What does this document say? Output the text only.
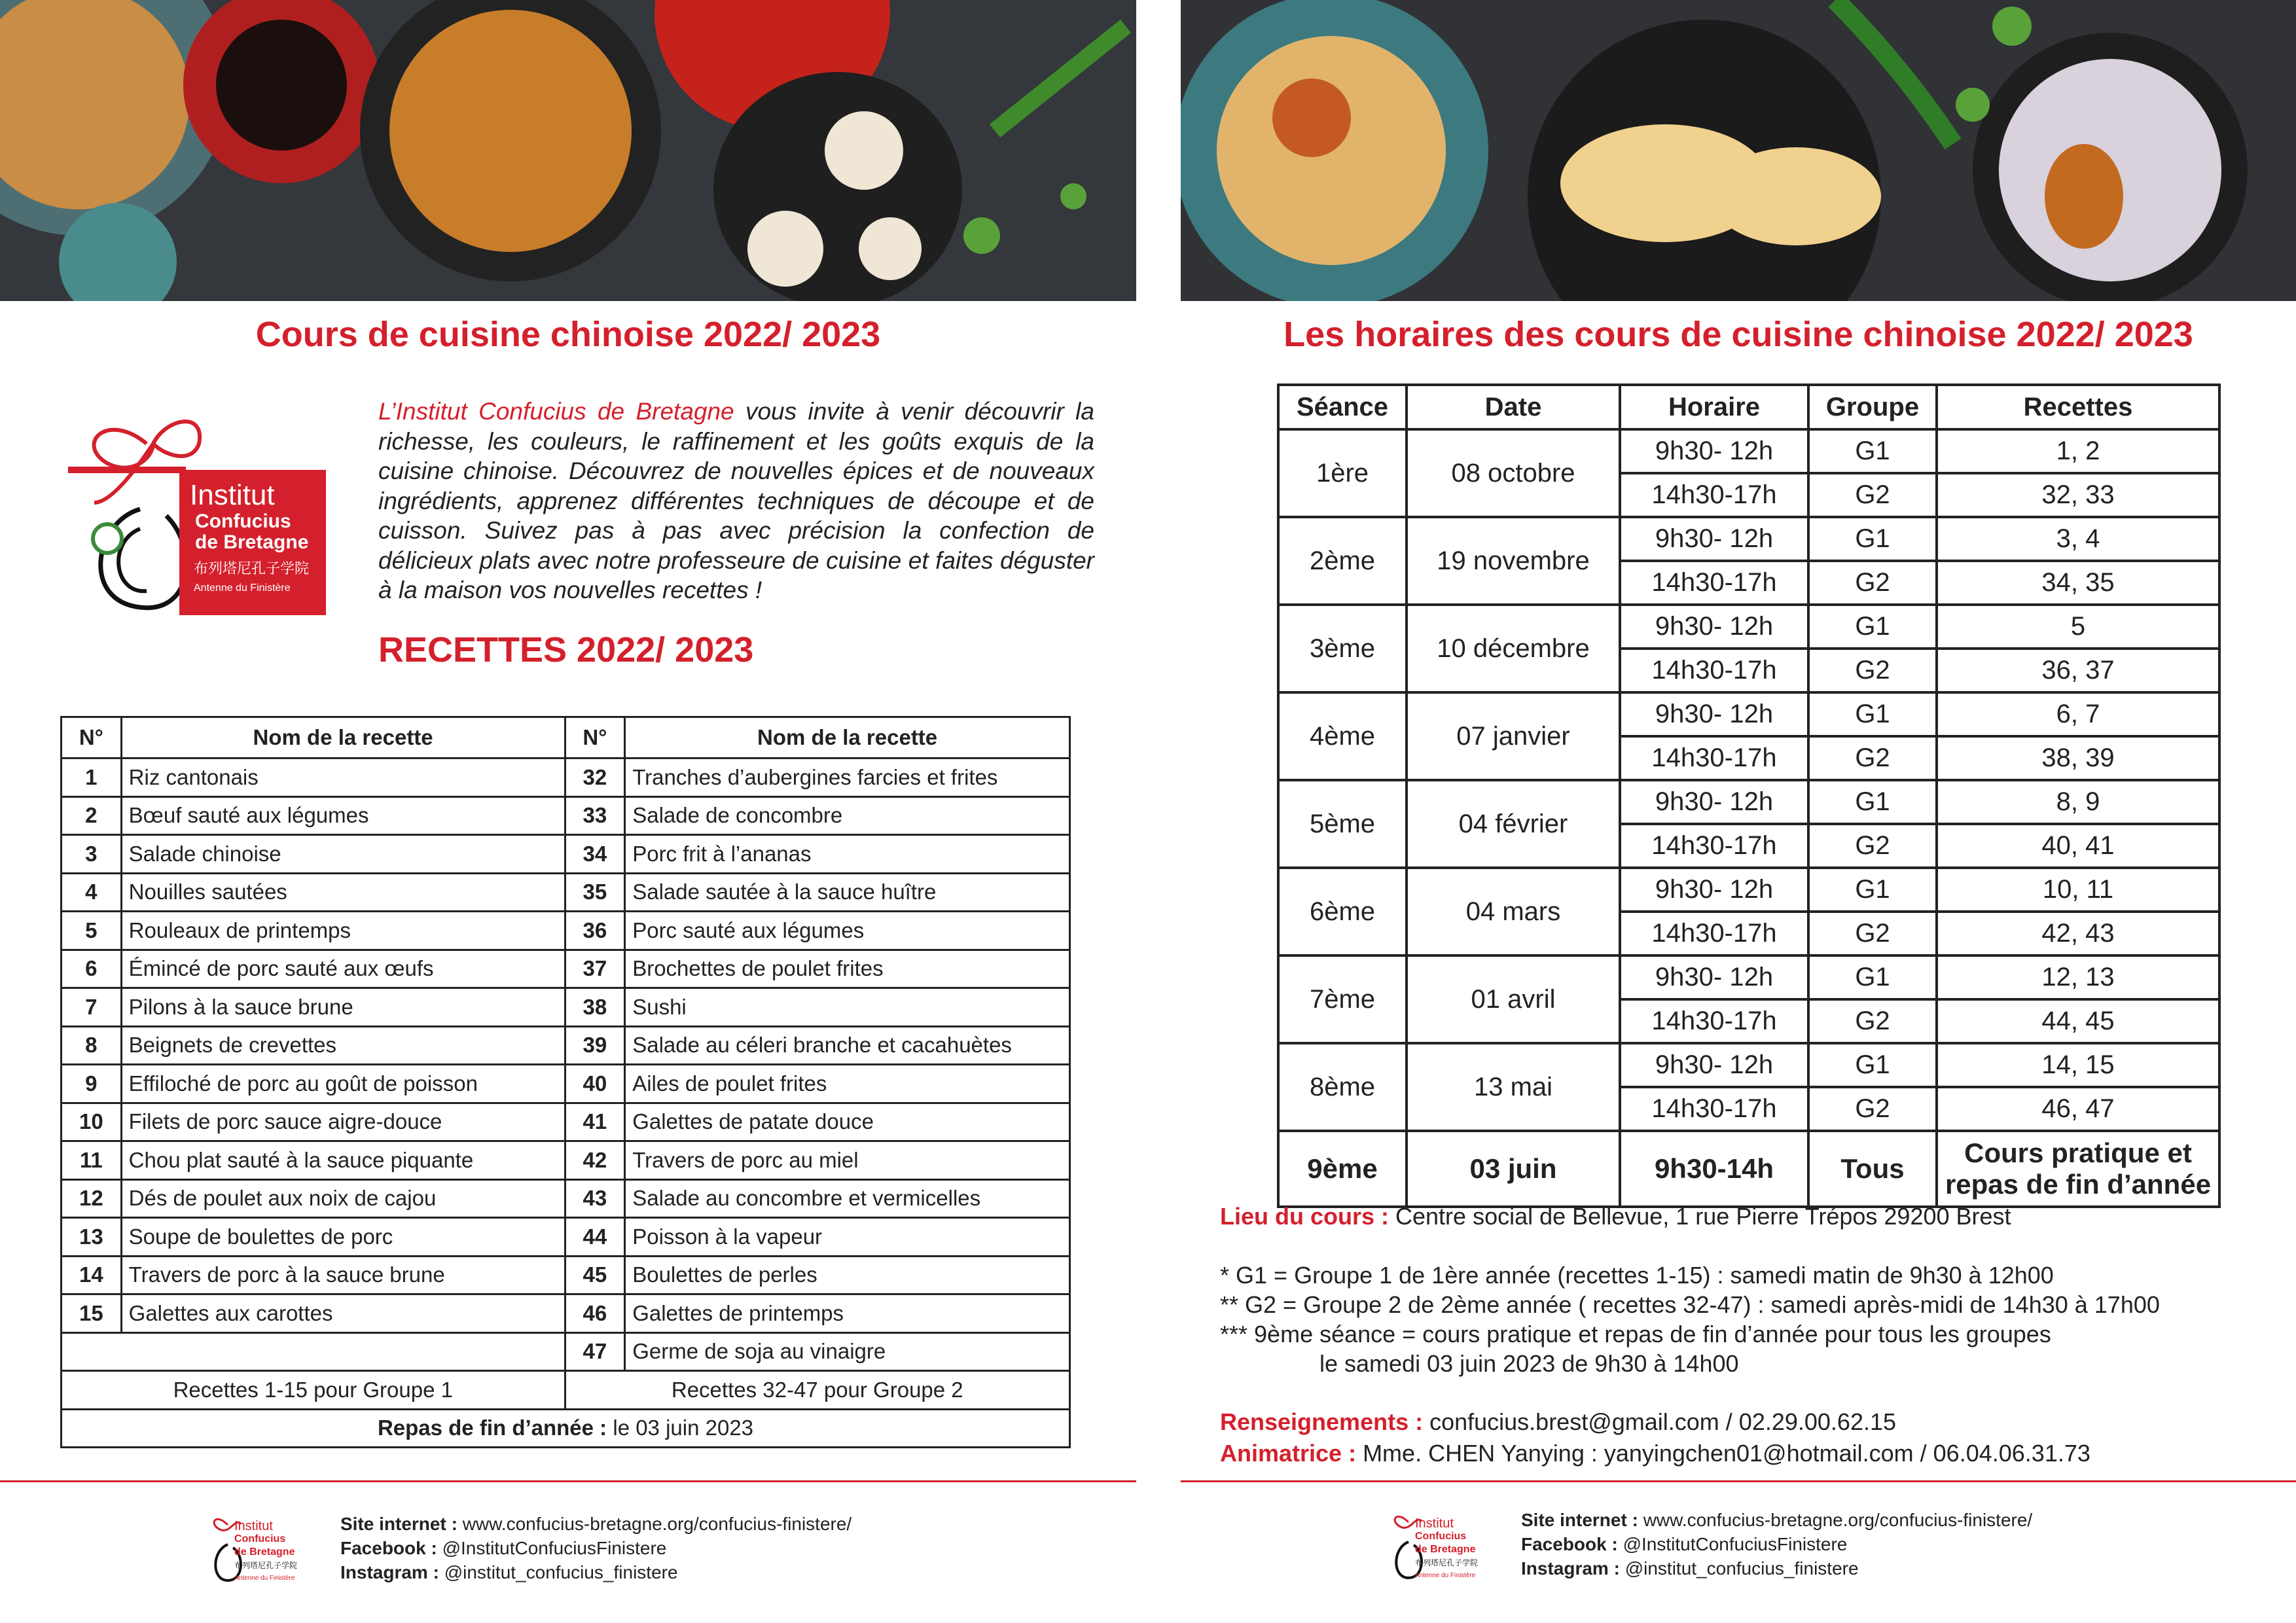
Cours de cuisine chinoise 2022/ 2023
Institut
Confucius
de Bretagne
布列塔尼孔子学院
Antenne du Finistère
L’Institut Confucius de Bretagne vous invite à venir découvrir la richesse, les couleurs, le raffinement et les goûts exquis de la cuisine chinoise. Découvrez de nouvelles épices et de nouveaux ingrédients, apprenez différentes techniques de découpe et de cuisson. Suivez pas à pas avec précision la confection de délicieux plats avec notre professeure de cuisine et faites déguster à la maison vos nouvelles recettes !
RECETTES 2022/ 2023
N°	Nom de la recette	N°	Nom de la recette
1	Riz cantonais	32	Tranches d’aubergines farcies et frites
2	Bœuf sauté aux légumes	33	Salade de concombre
3	Salade chinoise	34	Porc frit à l’ananas
4	Nouilles sautées	35	Salade sautée à la sauce huître
5	Rouleaux de printemps	36	Porc sauté aux légumes
6	Émincé de porc sauté aux œufs	37	Brochettes de poulet frites
7	Pilons à la sauce brune	38	Sushi
8	Beignets de crevettes	39	Salade au céleri branche et cacahuètes
9	Effiloché de porc au goût de poisson	40	Ailes de poulet frites
10	Filets de porc sauce aigre-douce	41	Galettes de patate douce
11	Chou plat sauté à la sauce piquante	42	Travers de porc au miel
12	Dés de poulet aux noix de cajou	43	Salade au concombre et vermicelles
13	Soupe de boulettes de porc	44	Poisson à la vapeur
14	Travers de porc à la sauce brune	45	Boulettes de perles
15	Galettes aux carottes	46	Galettes de printemps
		47	Germe de soja au vinaigre
Recettes 1-15 pour Groupe 1		Recettes 32-47 pour Groupe 2	
Repas de fin d’année : le 03 juin 2023			
Institut
Confucius
de Bretagne
布列塔尼孔子学院
Antenne du Finistère
Site internet : www.confucius-bretagne.org/confucius-finistere/
Facebook : @InstitutConfuciusFinistere
Instagram : @institut_confucius_finistere
Les horaires des cours de cuisine chinoise 2022/ 2023
Séance	Date	Horaire	Groupe	Recettes
1ère	08 octobre	9h30- 12h	G1	1, 2
		14h30-17h	G2	32, 33
2ème	19 novembre	9h30- 12h	G1	3, 4
		14h30-17h	G2	34, 35
3ème	10 décembre	9h30- 12h	G1	5
		14h30-17h	G2	36, 37
4ème	07 janvier	9h30- 12h	G1	6, 7
		14h30-17h	G2	38, 39
5ème	04 février	9h30- 12h	G1	8, 9
		14h30-17h	G2	40, 41
6ème	04 mars	9h30- 12h	G1	10, 11
		14h30-17h	G2	42, 43
7ème	01 avril	9h30- 12h	G1	12, 13
		14h30-17h	G2	44, 45
8ème	13 mai	9h30- 12h	G1	14, 15
		14h30-17h	G2	46, 47
9ème	03 juin	9h30-14h	Tous	Cours pratique et
repas de fin d’année
Lieu du cours : Centre social de Bellevue, 1 rue Pierre Trépos 29200 Brest
* G1 = Groupe 1 de 1ère année (recettes 1-15) : samedi matin de 9h30 à 12h00
** G2 = Groupe 2 de 2ème année ( recettes 32-47) : samedi après-midi de 14h30 à 17h00
*** 9ème séance = cours pratique et repas de fin d’année pour tous les groupes
le samedi 03 juin 2023 de 9h30 à 14h00
Renseignements : confucius.brest@gmail.com / 02.29.00.62.15
Animatrice : Mme. CHEN Yanying : yanyingchen01@hotmail.com / 06.04.06.31.73
Institut
Confucius
de Bretagne
布列塔尼孔子学院
Antenne du Finistère
Site internet : www.confucius-bretagne.org/confucius-finistere/
Facebook : @InstitutConfuciusFinistere
Instagram : @institut_confucius_finistere
